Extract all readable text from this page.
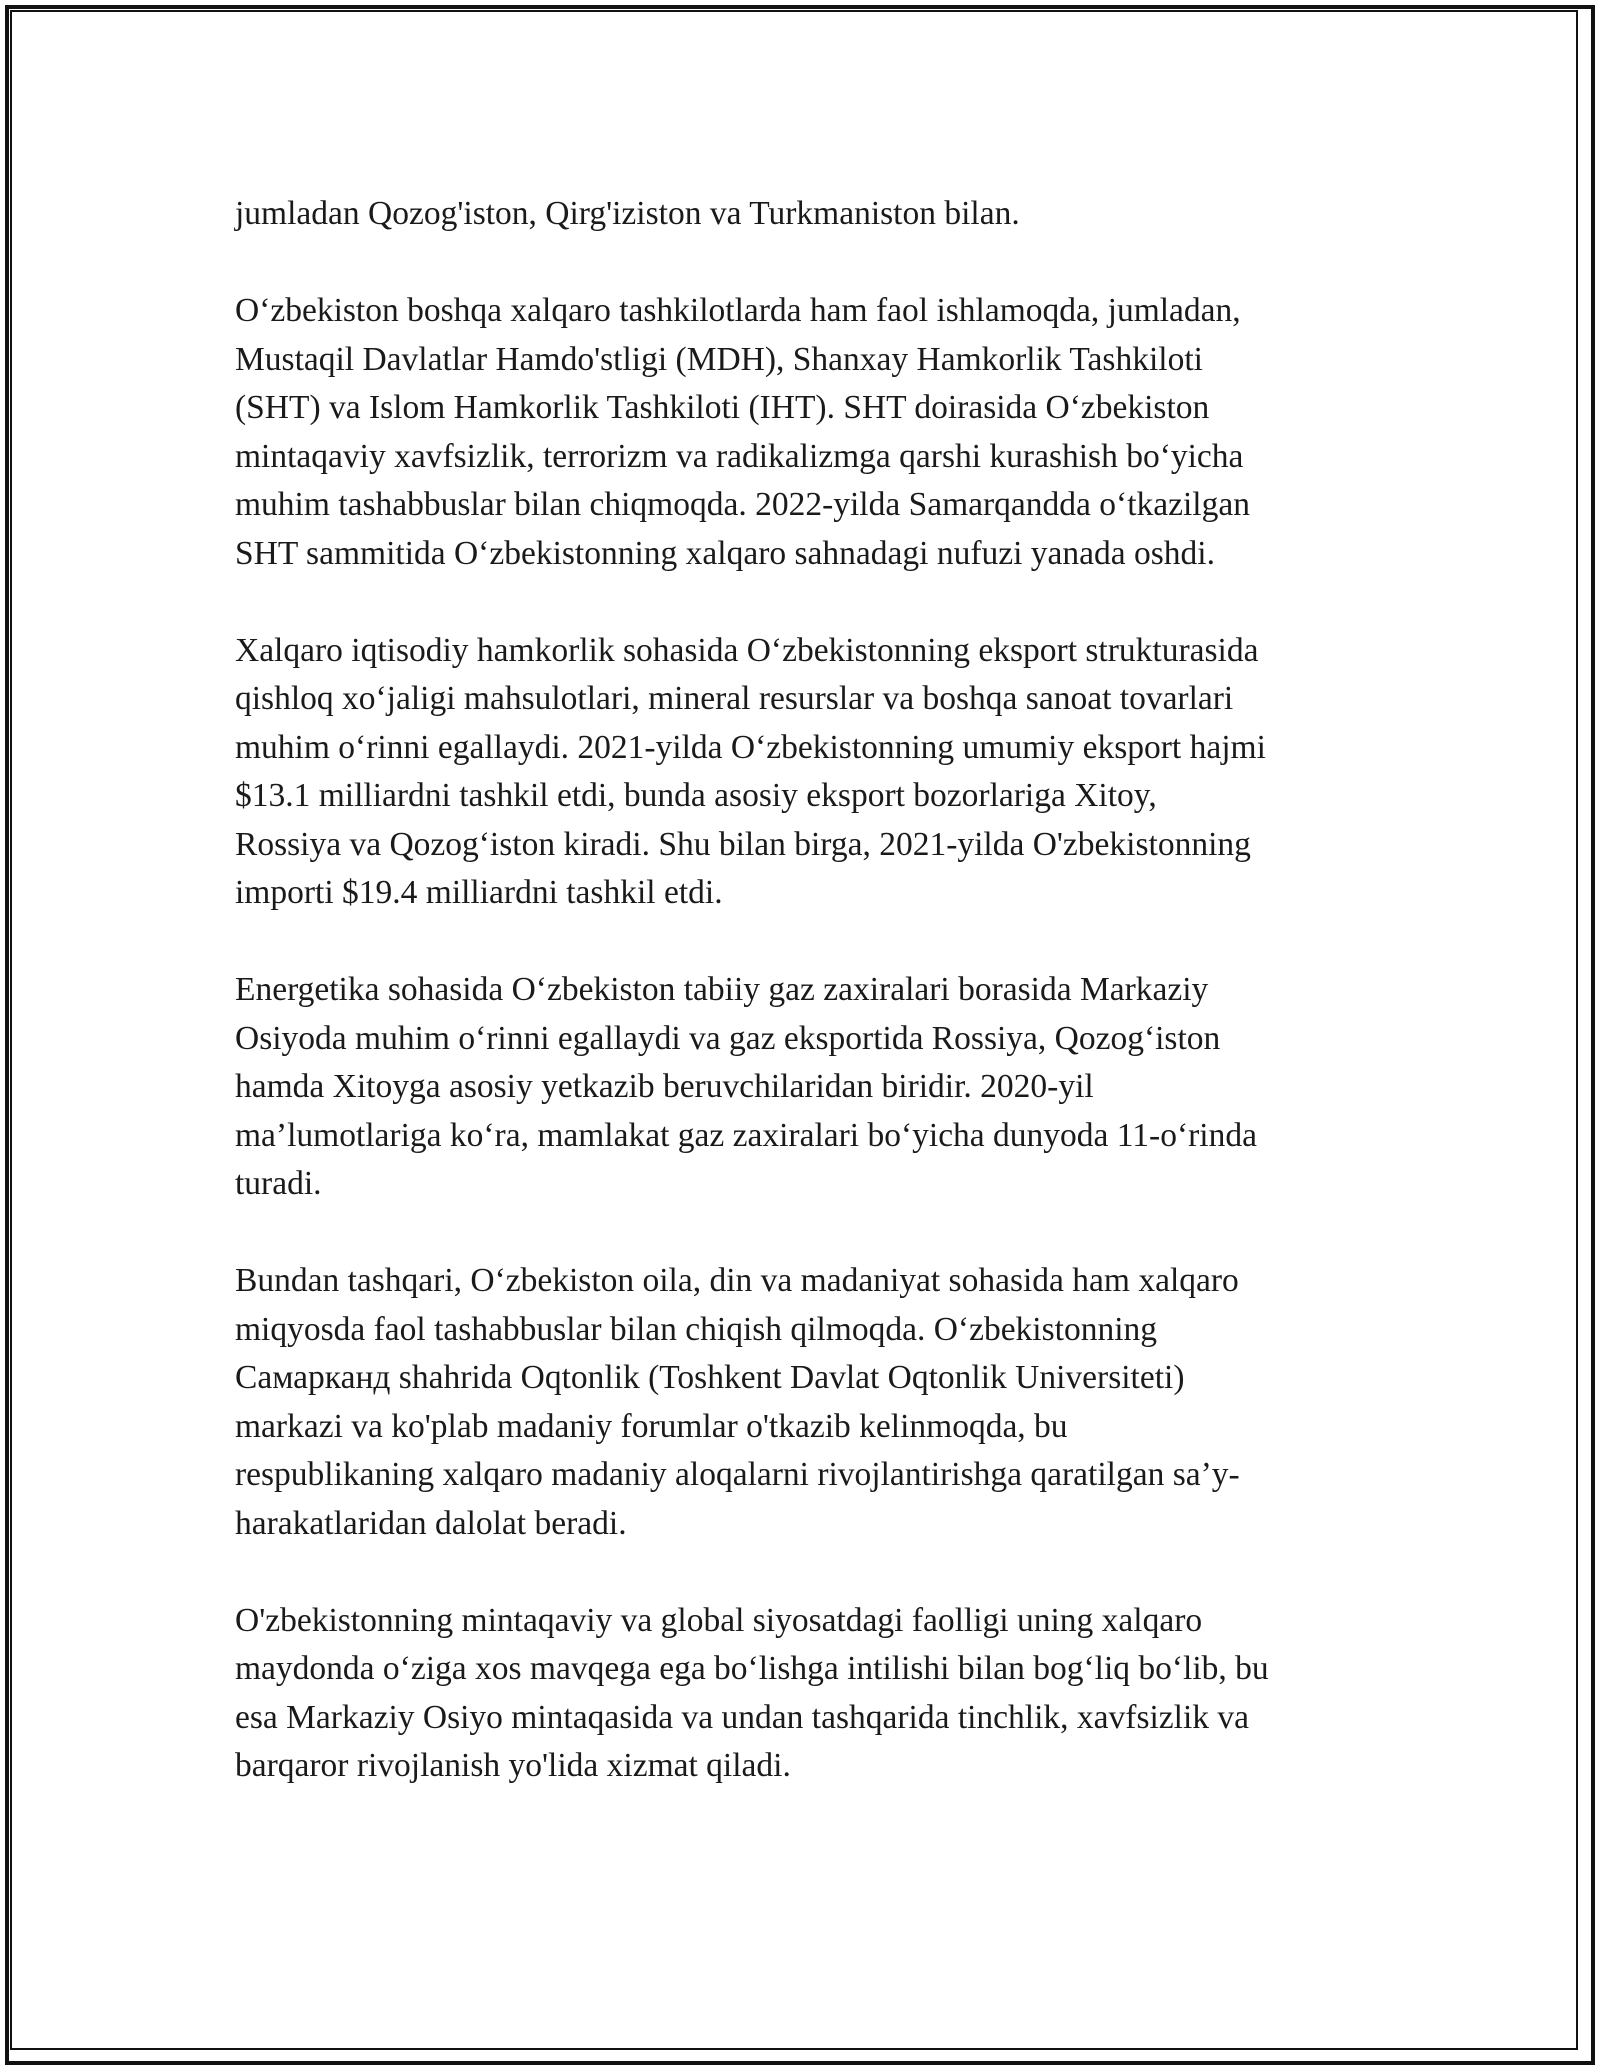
jumladan Qozog'iston, Qirg'iziston va Turkmaniston bilan.

O‘zbekiston boshqa xalqaro tashkilotlarda ham faol ishlamoqda, jumladan,
Mustaqil Davlatlar Hamdo'stligi (MDH), Shanxay Hamkorlik Tashkiloti
(SHT) va Islom Hamkorlik Tashkiloti (IHT). SHT doirasida O‘zbekiston
mintaqaviy xavfsizlik, terrorizm va radikalizmga qarshi kurashish bo‘yicha
muhim tashabbuslar bilan chiqmoqda. 2022-yilda Samarqandda o‘tkazilgan
SHT sammitida O‘zbekistonning xalqaro sahnadagi nufuzi yanada oshdi.

Xalqaro iqtisodiy hamkorlik sohasida O‘zbekistonning eksport strukturasida
qishloq xo‘jaligi mahsulotlari, mineral resurslar va boshqa sanoat tovarlari
muhim o‘rinni egallaydi. 2021-yilda O‘zbekistonning umumiy eksport hajmi
$13.1 milliardni tashkil etdi, bunda asosiy eksport bozorlariga Xitoy,
Rossiya va Qozog‘iston kiradi. Shu bilan birga, 2021-yilda O'zbekistonning
importi $19.4 milliardni tashkil etdi.

Energetika sohasida O‘zbekiston tabiiy gaz zaxiralari borasida Markaziy
Osiyoda muhim o‘rinni egallaydi va gaz eksportida Rossiya, Qozog‘iston
hamda Xitoyga asosiy yetkazib beruvchilaridan biridir. 2020-yil
ma’lumotlariga ko‘ra, mamlakat gaz zaxiralari bo‘yicha dunyoda 11-o‘rinda
turadi.

Bundan tashqari, O‘zbekiston oila, din va madaniyat sohasida ham xalqaro
miqyosda faol tashabbuslar bilan chiqish qilmoqda. O‘zbekistonning
Самарканд shahrida Oqtonlik (Toshkent Davlat Oqtonlik Universiteti)
markazi va ko'plab madaniy forumlar o'tkazib kelinmoqda, bu
respublikaning xalqaro madaniy aloqalarni rivojlantirishga qaratilgan sa’y-
harakatlaridan dalolat beradi.

O'zbekistonning mintaqaviy va global siyosatdagi faolligi uning xalqaro
maydonda o‘ziga xos mavqega ega bo‘lishga intilishi bilan bog‘liq bo‘lib, bu
esa Markaziy Osiyo mintaqasida va undan tashqarida tinchlik, xavfsizlik va
barqaror rivojlanish yo'lida xizmat qiladi.
